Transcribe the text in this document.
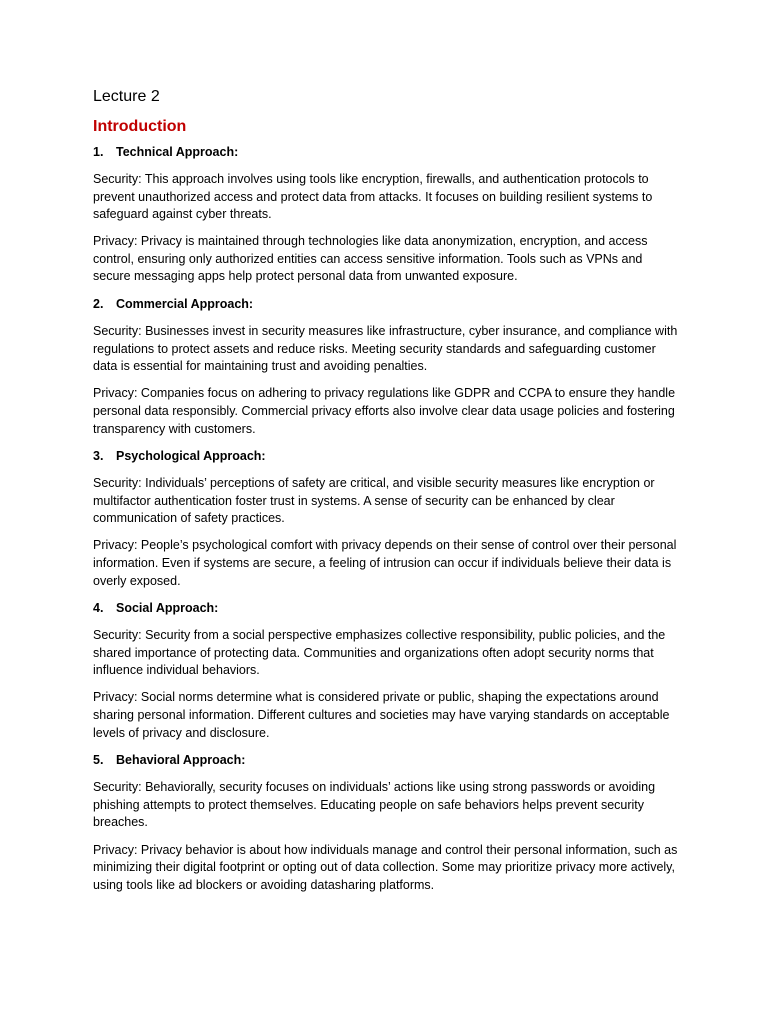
Lecture 2
Introduction
1.	Technical Approach:

Security: This approach involves using tools like encryption, firewalls, and authentication protocols to prevent unauthorized access and protect data from attacks. It focuses on building resilient systems to safeguard against cyber threats.

Privacy: Privacy is maintained through technologies like data anonymization, encryption, and access control, ensuring only authorized entities can access sensitive information. Tools such as VPNs and secure messaging apps help protect personal data from unwanted exposure.

2.	Commercial Approach:

Security: Businesses invest in security measures like infrastructure, cyber insurance, and compliance with regulations to protect assets and reduce risks. Meeting security standards and safeguarding customer data is essential for maintaining trust and avoiding penalties.

Privacy: Companies focus on adhering to privacy regulations like GDPR and CCPA to ensure they handle personal data responsibly. Commercial privacy efforts also involve clear data usage policies and fostering transparency with customers.

3.	Psychological Approach:

Security: Individuals’ perceptions of safety are critical, and visible security measures like encryption or multifactor authentication foster trust in systems. A sense of security can be enhanced by clear communication of safety practices.

Privacy: People’s psychological comfort with privacy depends on their sense of control over their personal information. Even if systems are secure, a feeling of intrusion can occur if individuals believe their data is overly exposed.

4.	Social Approach:

Security: Security from a social perspective emphasizes collective responsibility, public policies, and the shared importance of protecting data. Communities and organizations often adopt security norms that influence individual behaviors.

Privacy: Social norms determine what is considered private or public, shaping the expectations around sharing personal information. Different cultures and societies may have varying standards on acceptable levels of privacy and disclosure.

5.	Behavioral Approach:

Security: Behaviorally, security focuses on individuals’ actions like using strong passwords or avoiding phishing attempts to protect themselves. Educating people on safe behaviors helps prevent security breaches.

Privacy: Privacy behavior is about how individuals manage and control their personal information, such as minimizing their digital footprint or opting out of data collection. Some may prioritize privacy more actively, using tools like ad blockers or avoiding datasharing platforms.
